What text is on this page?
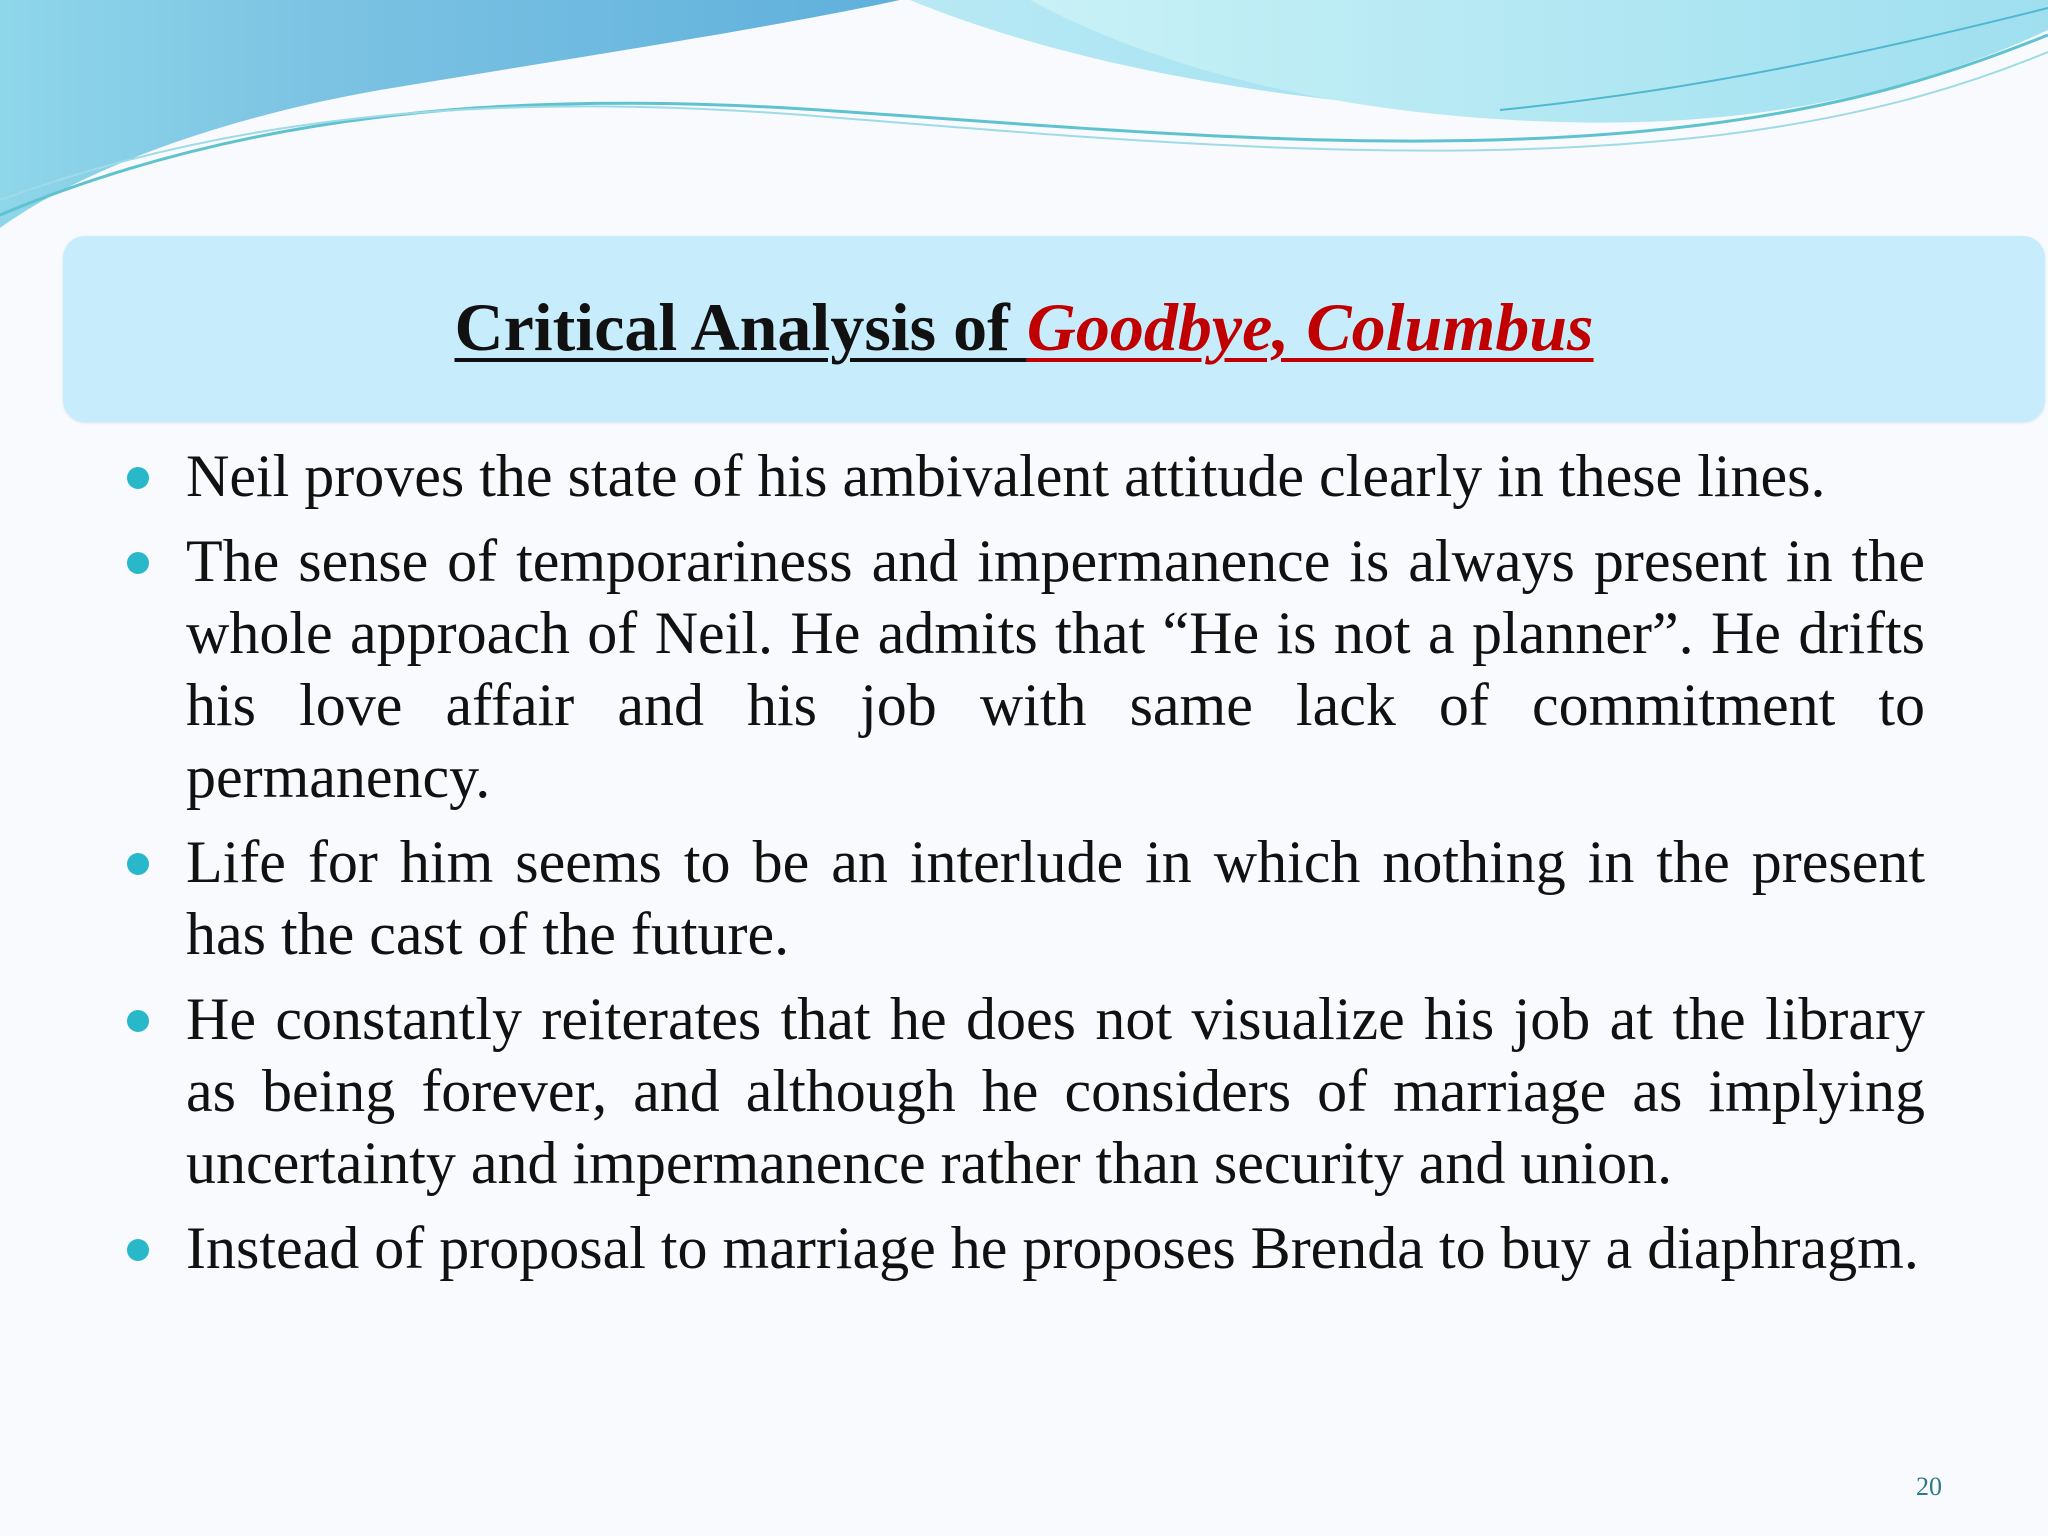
Critical Analysis of Goodbye, Columbus
Neil proves the state of his ambivalent attitude clearly in these lines.
The sense of temporariness and impermanence is always present in the whole approach of Neil. He admits that “He is not a planner”. He drifts his love affair and his job with same lack of commitment to permanency.
Life for him seems to be an interlude in which nothing in the present has the cast of the future.
He constantly reiterates that he does not visualize his job at the library as being forever, and although he considers of marriage as implying uncertainty and impermanence rather than security and union.
Instead of proposal to marriage he proposes Brenda to buy a diaphragm.
20
